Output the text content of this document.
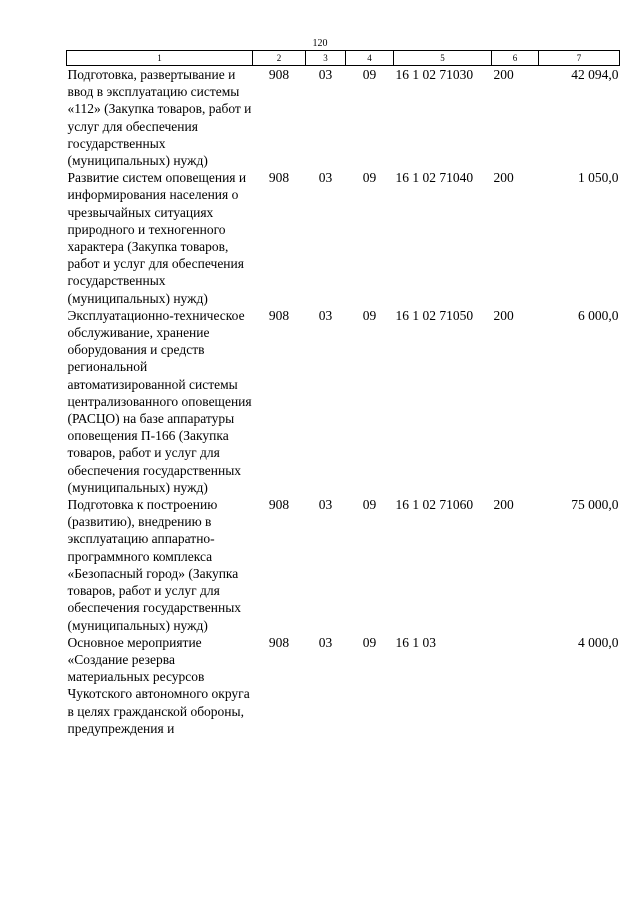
120
1	2	3	4	5	6	7
Подготовка, развертывание и ввод в эксплуатацию системы «112» (Закупка товаров, работ и услуг для обеспечения государственных (муниципальных) нужд)	908	03	09	16 1 02 71030	200	42 094,0
Развитие систем оповещения и информирования населения о чрезвычайных ситуациях природного и техногенного характера (Закупка товаров, работ и услуг для обеспечения государственных (муниципальных) нужд)	908	03	09	16 1 02 71040	200	1 050,0
Эксплуатационно-техническое обслуживание, хранение оборудования и средств региональной автоматизированной системы централизованного оповещения (РАСЦО) на базе аппаратуры оповещения П-166 (Закупка товаров, работ и услуг для обеспечения государственных (муниципальных) нужд)	908	03	09	16 1 02 71050	200	6 000,0
Подготовка к построению (развитию), внедрению в эксплуатацию аппаратно-программного комплекса «Безопасный город» (Закупка товаров, работ и услуг для обеспечения государственных (муниципальных) нужд)	908	03	09	16 1 02 71060	200	75 000,0
Основное мероприятие «Создание резерва материальных ресурсов Чукотского автономного округа в целях гражданской обороны, предупреждения и	908	03	09	16 1 03		4 000,0
